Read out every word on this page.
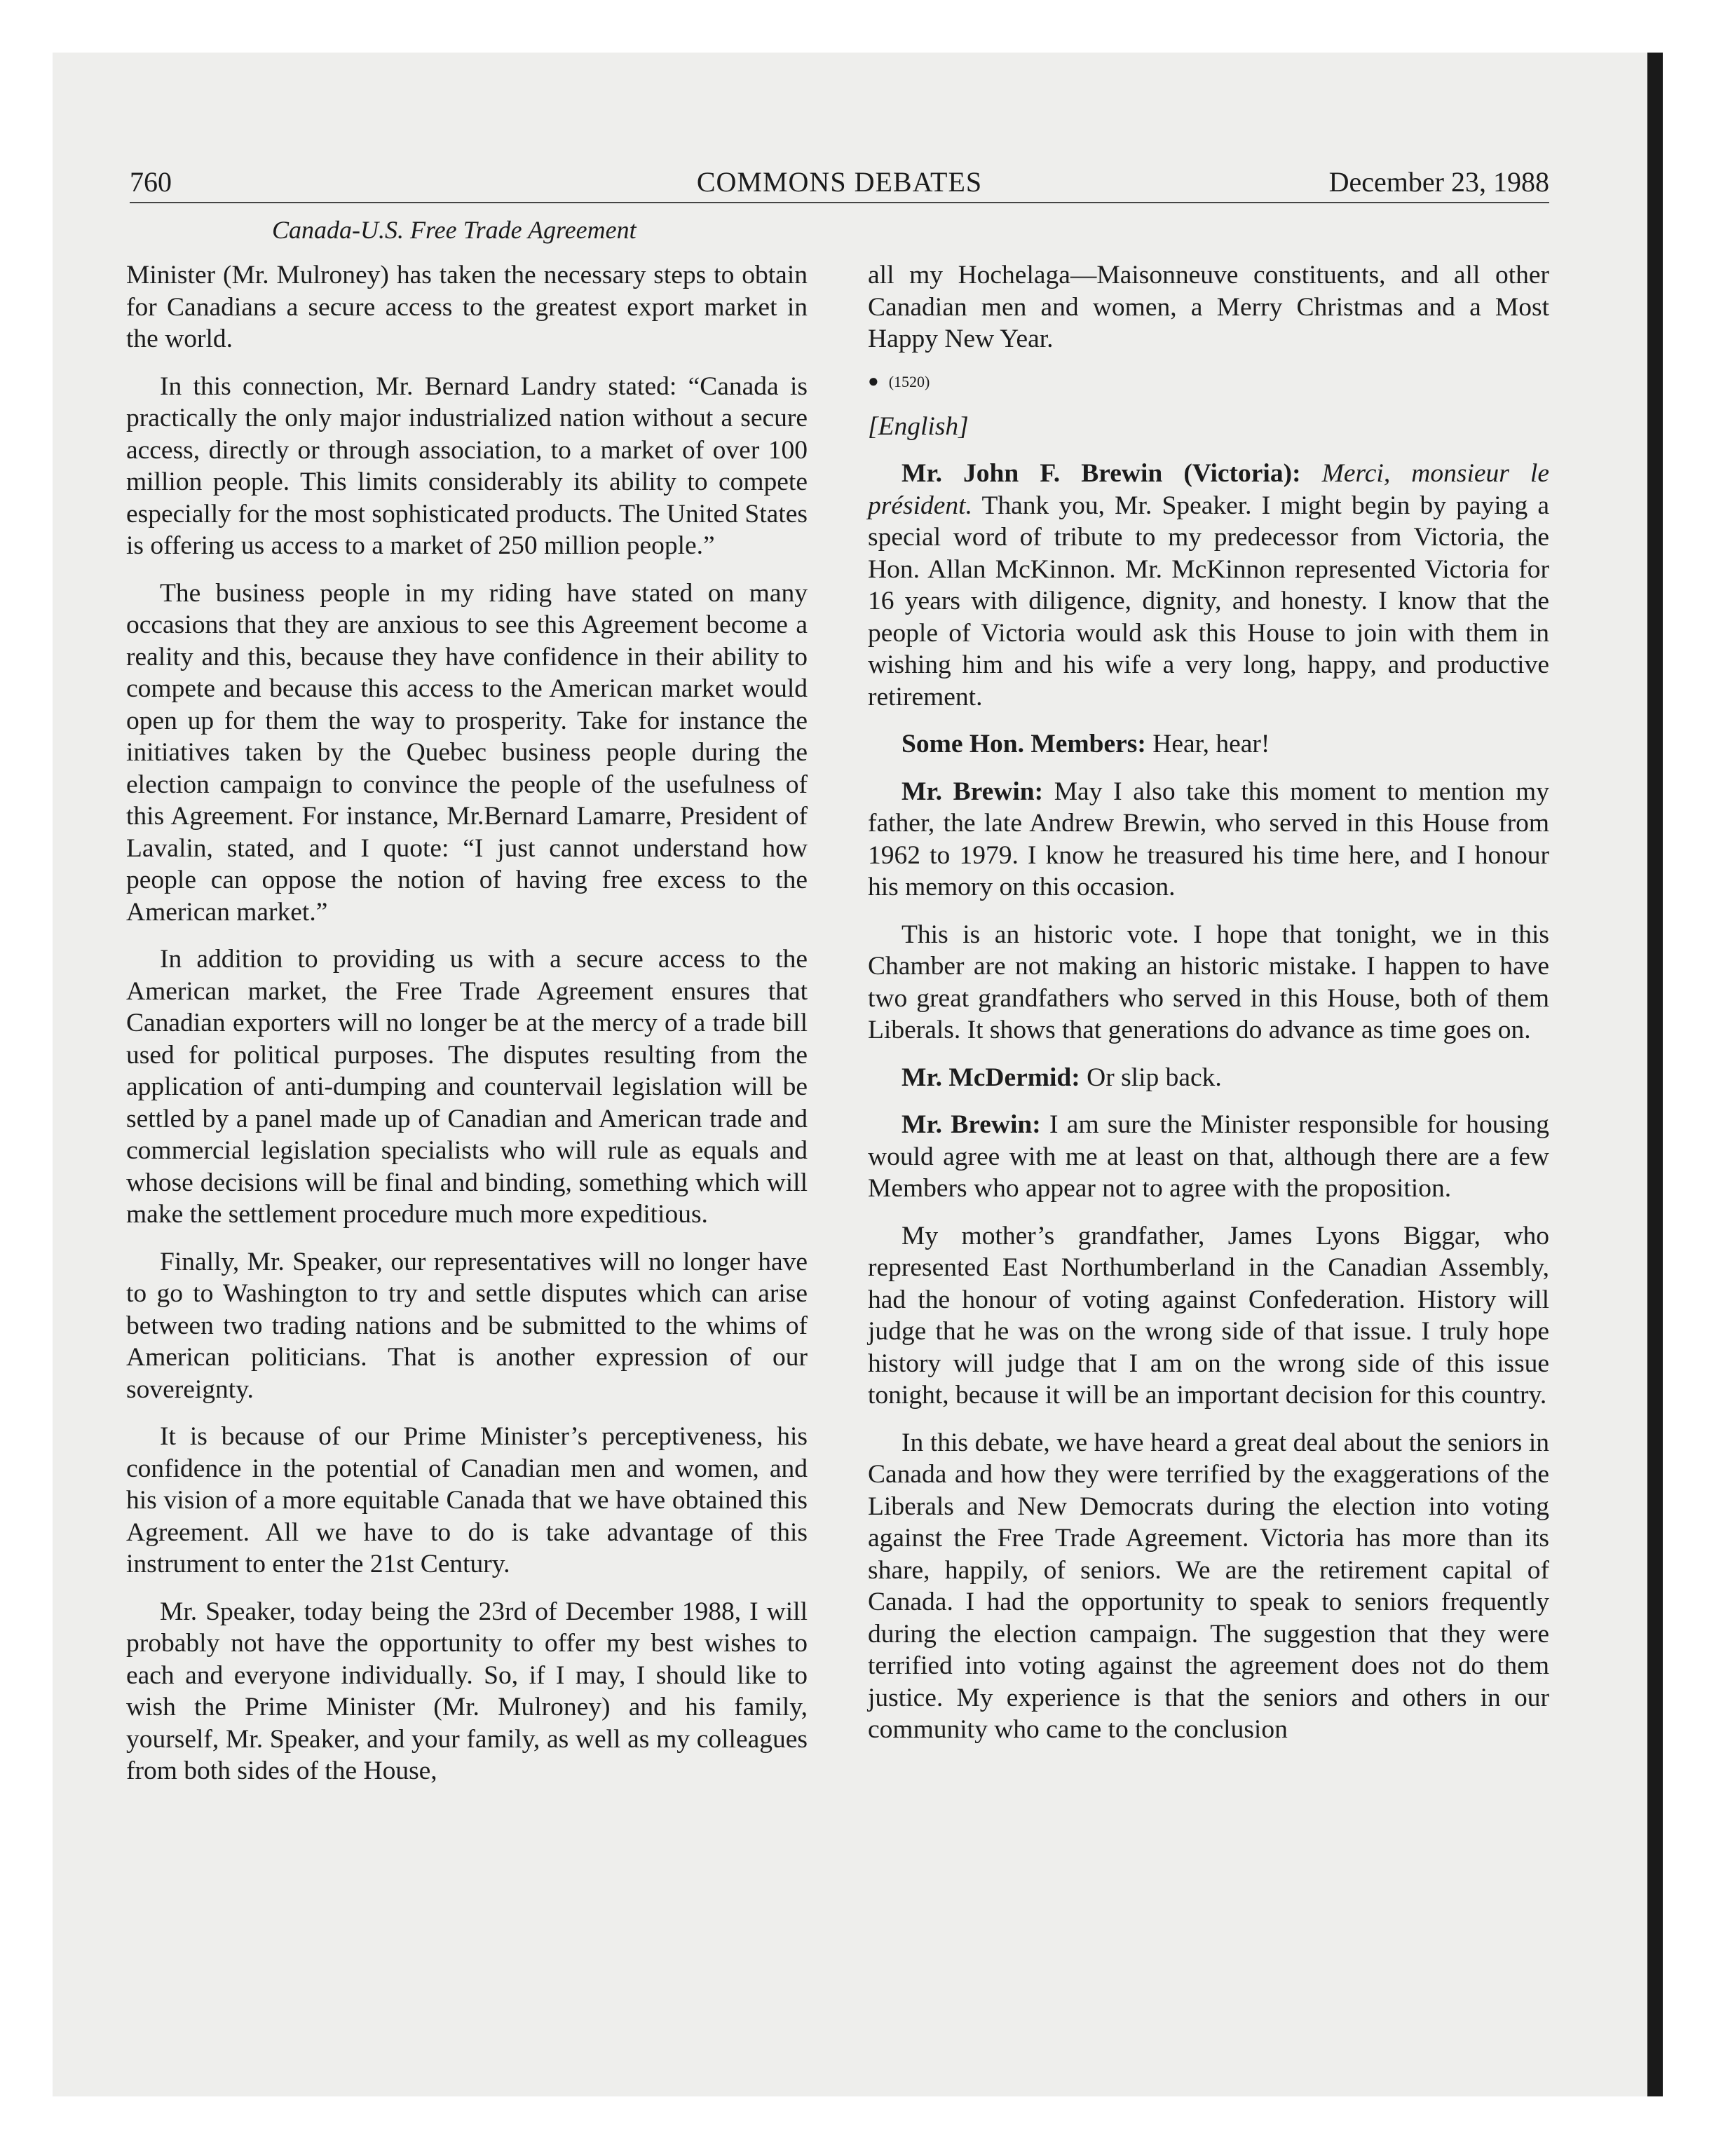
760	COMMONS DEBATES	December 23, 1988
Canada-U.S. Free Trade Agreement

Minister (Mr. Mulroney) has taken the necessary steps to obtain for Canadians a secure access to the greatest export market in the world.

In this connection, Mr. Bernard Landry stated: “Canada is practically the only major industrialized nation without a secure access, directly or through association, to a market of over 100 million people. This limits considerably its ability to compete especially for the most sophisticated products. The United States is offering us access to a market of 250 million people.”

The business people in my riding have stated on many occasions that they are anxious to see this Agreement become a reality and this, because they have confidence in their ability to compete and because this access to the American market would open up for them the way to prosperity. Take for instance the initiatives taken by the Quebec business people during the election campaign to convince the people of the usefulness of this Agreement. For instance, Mr.Bernard Lamarre, President of Lavalin, stated, and I quote: “I just cannot understand how people can oppose the notion of having free excess to the American market.”

In addition to providing us with a secure access to the American market, the Free Trade Agreement ensures that Canadian exporters will no longer be at the mercy of a trade bill used for political purposes. The disputes resulting from the application of anti-dumping and countervail legislation will be settled by a panel made up of Canadian and American trade and commercial legislation specialists who will rule as equals and whose decisions will be final and binding, something which will make the settlement procedure much more expeditious.

Finally, Mr. Speaker, our representatives will no longer have to go to Washington to try and settle disputes which can arise between two trading nations and be submitted to the whims of American politicians. That is another expression of our sovereignty.

It is because of our Prime Minister’s perceptiveness, his confidence in the potential of Canadian men and women, and his vision of a more equitable Canada that we have obtained this Agreement. All we have to do is take advantage of this instrument to enter the 21st Century.

Mr. Speaker, today being the 23rd of December 1988, I will probably not have the opportunity to offer my best wishes to each and everyone individually. So, if I may, I should like to wish the Prime Minister (Mr. Mulroney) and his family, yourself, Mr. Speaker, and your family, as well as my colleagues from both sides of the House,

all my Hochelaga—Maisonneuve constituents, and all other Canadian men and women, a Merry Christmas and a Most Happy New Year.

● (1520)

[English]

Mr. John F. Brewin (Victoria): Merci, monsieur le président. Thank you, Mr. Speaker. I might begin by paying a special word of tribute to my predecessor from Victoria, the Hon. Allan McKinnon. Mr. McKinnon represented Victoria for 16 years with diligence, dignity, and honesty. I know that the people of Victoria would ask this House to join with them in wishing him and his wife a very long, happy, and productive retirement.

Some Hon. Members: Hear, hear!

Mr. Brewin: May I also take this moment to mention my father, the late Andrew Brewin, who served in this House from 1962 to 1979. I know he treasured his time here, and I honour his memory on this occasion.

This is an historic vote. I hope that tonight, we in this Chamber are not making an historic mistake. I happen to have two great grandfathers who served in this House, both of them Liberals. It shows that generations do advance as time goes on.

Mr. McDermid: Or slip back.

Mr. Brewin: I am sure the Minister responsible for housing would agree with me at least on that, although there are a few Members who appear not to agree with the proposition.

My mother’s grandfather, James Lyons Biggar, who represented East Northumberland in the Canadian Assembly, had the honour of voting against Confederation. History will judge that he was on the wrong side of that issue. I truly hope history will judge that I am on the wrong side of this issue tonight, because it will be an important decision for this country.

In this debate, we have heard a great deal about the seniors in Canada and how they were terrified by the exaggerations of the Liberals and New Democrats during the election into voting against the Free Trade Agreement. Victoria has more than its share, happily, of seniors. We are the retirement capital of Canada. I had the opportunity to speak to seniors frequently during the election campaign. The suggestion that they were terrified into voting against the agreement does not do them justice. My experience is that the seniors and others in our community who came to the conclusion
